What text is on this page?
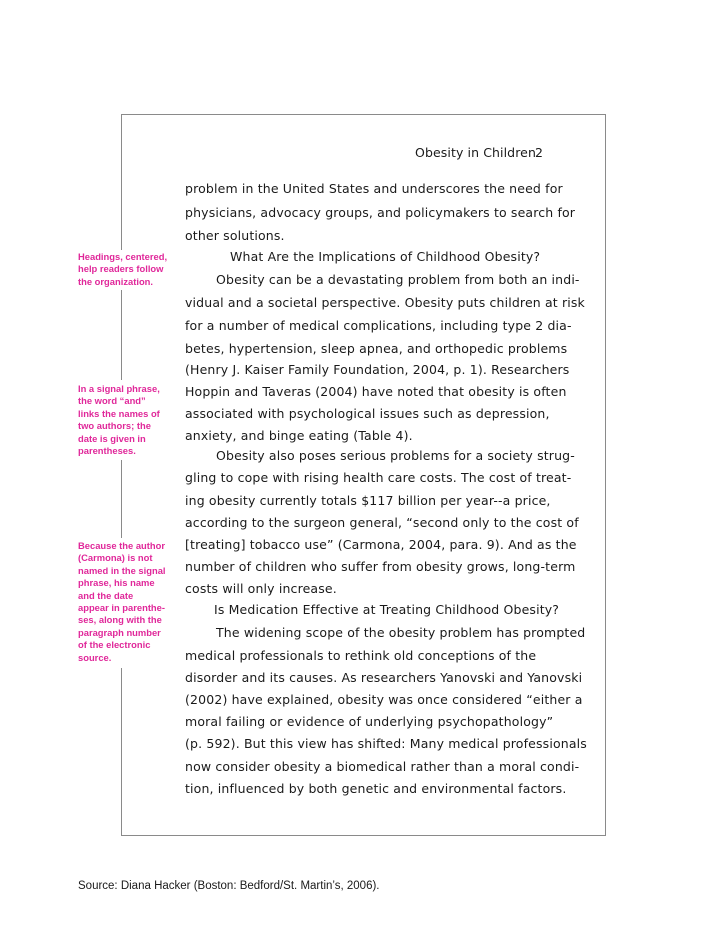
Obesity in Children 2
problem in the United States and underscores the need for
physicians, advocacy groups, and policymakers to search for
other solutions.
What Are the Implications of Childhood Obesity?
Obesity can be a devastating problem from both an indi-
vidual and a societal perspective. Obesity puts children at risk
for a number of medical complications, including type 2 dia-
betes, hypertension, sleep apnea, and orthopedic problems
(Henry J. Kaiser Family Foundation, 2004, p. 1). Researchers
Hoppin and Taveras (2004) have noted that obesity is often
associated with psychological issues such as depression,
anxiety, and binge eating (Table 4).
Obesity also poses serious problems for a society strug-
gling to cope with rising health care costs. The cost of treat-
ing obesity currently totals $117 billion per year--a price,
according to the surgeon general, “second only to the cost of
[treating] tobacco use” (Carmona, 2004, para. 9). And as the
number of children who suffer from obesity grows, long-term
costs will only increase.
Is Medication Effective at Treating Childhood Obesity?
The widening scope of the obesity problem has prompted
medical professionals to rethink old conceptions of the
disorder and its causes. As researchers Yanovski and Yanovski
(2002) have explained, obesity was once considered “either a
moral failing or evidence of underlying psychopathology”
(p. 592). But this view has shifted: Many medical professionals
now consider obesity a biomedical rather than a moral condi-
tion, influenced by both genetic and environmental factors.
Headings, centered,
help readers follow
the organization.
In a signal phrase,
the word “and”
links the names of
two authors; the
date is given in
parentheses.
Because the author
(Carmona) is not
named in the signal
phrase, his name
and the date
appear in parenthe-
ses, along with the
paragraph number
of the electronic
source.
Source: Diana Hacker (Boston: Bedford/St. Martin’s, 2006).
